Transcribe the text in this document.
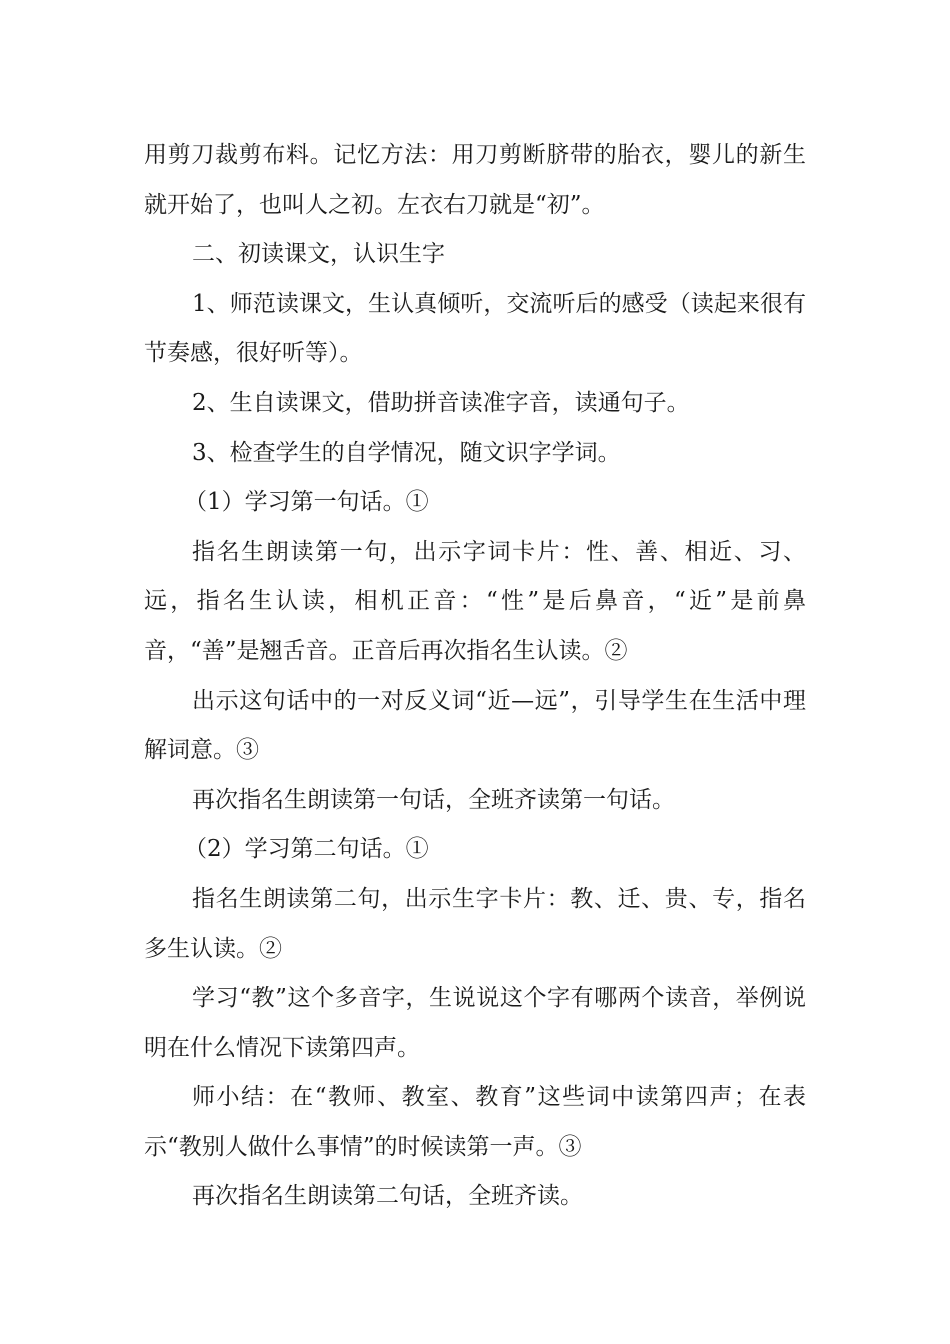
用剪刀裁剪布料。记忆方法：用刀剪断脐带的胎衣，婴儿的新生就开始了，也叫人之初。左衣右刀就是“初”。

二、初读课文，认识生字

1、师范读课文，生认真倾听，交流听后的感受（读起来很有节奏感，很好听等）。

2、生自读课文，借助拼音读准字音，读通句子。

3、检查学生的自学情况，随文识字学词。

（1）学习第一句话。①

指名生朗读第一句，出示字词卡片：性、善、相近、习、远，指名生认读，相机正音：“性”是后鼻音，“近”是前鼻音，“善”是翘舌音。正音后再次指名生认读。②

出示这句话中的一对反义词“近—远”，引导学生在生活中理解词意。③

再次指名生朗读第一句话，全班齐读第一句话。

（2）学习第二句话。①

指名生朗读第二句，出示生字卡片：教、迁、贵、专，指名多生认读。②

学习“教”这个多音字，生说说这个字有哪两个读音，举例说明在什么情况下读第四声。

师小结：在“教师、教室、教育”这些词中读第四声；在表示“教别人做什么事情”的时候读第一声。③

再次指名生朗读第二句话，全班齐读。
